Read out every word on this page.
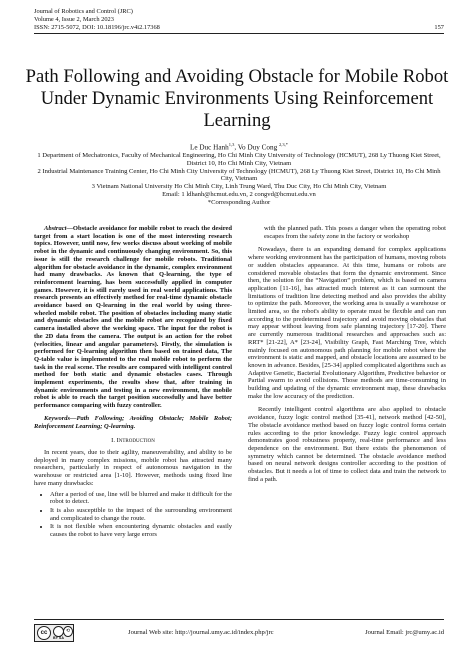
Journal of Robotics and Control (JRC)
Volume 4, Issue 2, March 2023
ISSN: 2715-5072, DOI: 10.18196/jrc.v4i2.17368	157
Path Following and Avoiding Obstacle for Mobile Robot Under Dynamic Environments Using Reinforcement Learning
Le Duc Hanh$^{1,3}$, Vo Duy Cong $^{2,3,*}$
1 Department of Mechatronics, Faculty of Mechanical Engineering, Ho Chi Minh City University of Technology (HCMUT), 268 Ly Thuong Kiet Street, District 10, Ho Chi Minh City, Vietnam
2 Industrial Maintenance Training Center, Ho Chi Minh City University of Technology (HCMUT), 268 Ly Thuong Kiet Street, District 10, Ho Chi Minh City, Vietnam
3 Vietnam National University Ho Chi Minh City, Linh Trung Ward, Thu Duc City, Ho Chi Minh City, Vietnam
Email: 1 ldhanh@hcmut.edu.vn, 2 congvd@hcmut.edu.vn
*Corresponding Author

Abstract—Obstacle avoidance for mobile robot to reach the desired target from a start location is one of the most interesting research topics. However, until now, few works discuss about working of mobile robot in the dynamic and continuously changing environment. So, this issue is still the research challenge for mobile robots. Traditional algorithm for obstacle avoidance in the dynamic, complex environment had many drawbacks. As known that Q-learning, the type of reinforcement learning, has been successfully applied in computer games. However, it is still rarely used in real world applications. This research presents an effectively method for real-time dynamic obstacle avoidance based on Q-learning in the real world by using three-wheeled mobile robot. The position of obstacles including many static and dynamic obstacles and the mobile robot are recognized by fixed camera installed above the working space. The input for the robot is the 2D data from the camera. The output is an action for the robot (velocities, linear and angular parameters). Firstly, the simulation is performed for Q-learning algorithm then based on trained data, The Q-table value is implemented to the real mobile robot to perform the task in the real scene. The results are compared with intelligent control method for both static and dynamic obstacles cases. Through implement experiments, the results show that, after training in dynamic environments and testing in a new environment, the mobile robot is able to reach the target position successfully and have better performance comparing with fuzzy controller.

Keywords—Path Following; Avoiding Obstacle; Mobile Robot; Reinforcement Learning; Q-learning.

I. Introduction

In recent years, due to their agility, maneuverability, and ability to be deployed in many complex missions, mobile robot has attracted many researchers, particularly in respect of autonomous navigation in the warehouse or restricted area [1-10]. However, methods using fixed line have many drawbacks:

• After a period of use, line will be blurred and make it difficult for the robot to detect.
• It is also susceptible to the impact of the surrounding environment and complicated to change the route.
• It is not flexible when encountering dynamic obstacles and easily causes the robot to have very large errors

with the planned path. This poses a danger when the operating robot escapes from the safety zone in the factory or workshop

Nowadays, there is an expanding demand for complex applications where working environment has the participation of humans, moving robots or sudden obstacles appearance. At this time, humans or robots are considered movable obstacles that form the dynamic environment. Since then, the solution for the “Navigation” problem, which is based on camera application [11-16], has attracted much interest as it can surmount the limitations of tradition line detecting method and also provides the ability to optimize the path. Moreover, the working area is usually a warehouse or limited area, so the robot's ability to operate must be flexible and can run according to the predetermined trajectory and avoid moving obstacles that may appear without leaving from safe planning trajectory [17-20]. There are currently numerous traditional researches and approaches such as: RRT* [21-22], A* [23-24], Visibility Graph, Fast Marching Tree, which mainly focused on autonomous path planning for mobile robot where the environment is static and mapped, and obstacle locations are assumed to be known in advance. Besides, [25-34] applied complicated algorithms such as Adaptive Genetic, Bacterial Evolutionary Algorithm, Predictive behavior or Partial swarm to avoid collisions. Those methods are time-consuming in building and updating of the dynamic environment map, these drawbacks make the low accuracy of the prediction.

Recently intelligent control algorithms are also applied to obstacle avoidance, fuzzy logic control method [35-41], network method [42-50], The obstacle avoidance method based on fuzzy logic control forms certain rules according to the prior knowledge. Fuzzy logic control approach demonstrates good robustness property, real-time performance and less dependence on the environment. But there exists the phenomenon of symmetry which cannot be determined. The obstacle avoidance method based on neural network designs controller according to the position of obstacles. But it needs a lot of time to collect data and train the network to find a path.

cc	⟲
BY SA
Journal Web site: http://journal.umy.ac.id/index.php/jrc	Journal Email: jrc@umy.ac.id
